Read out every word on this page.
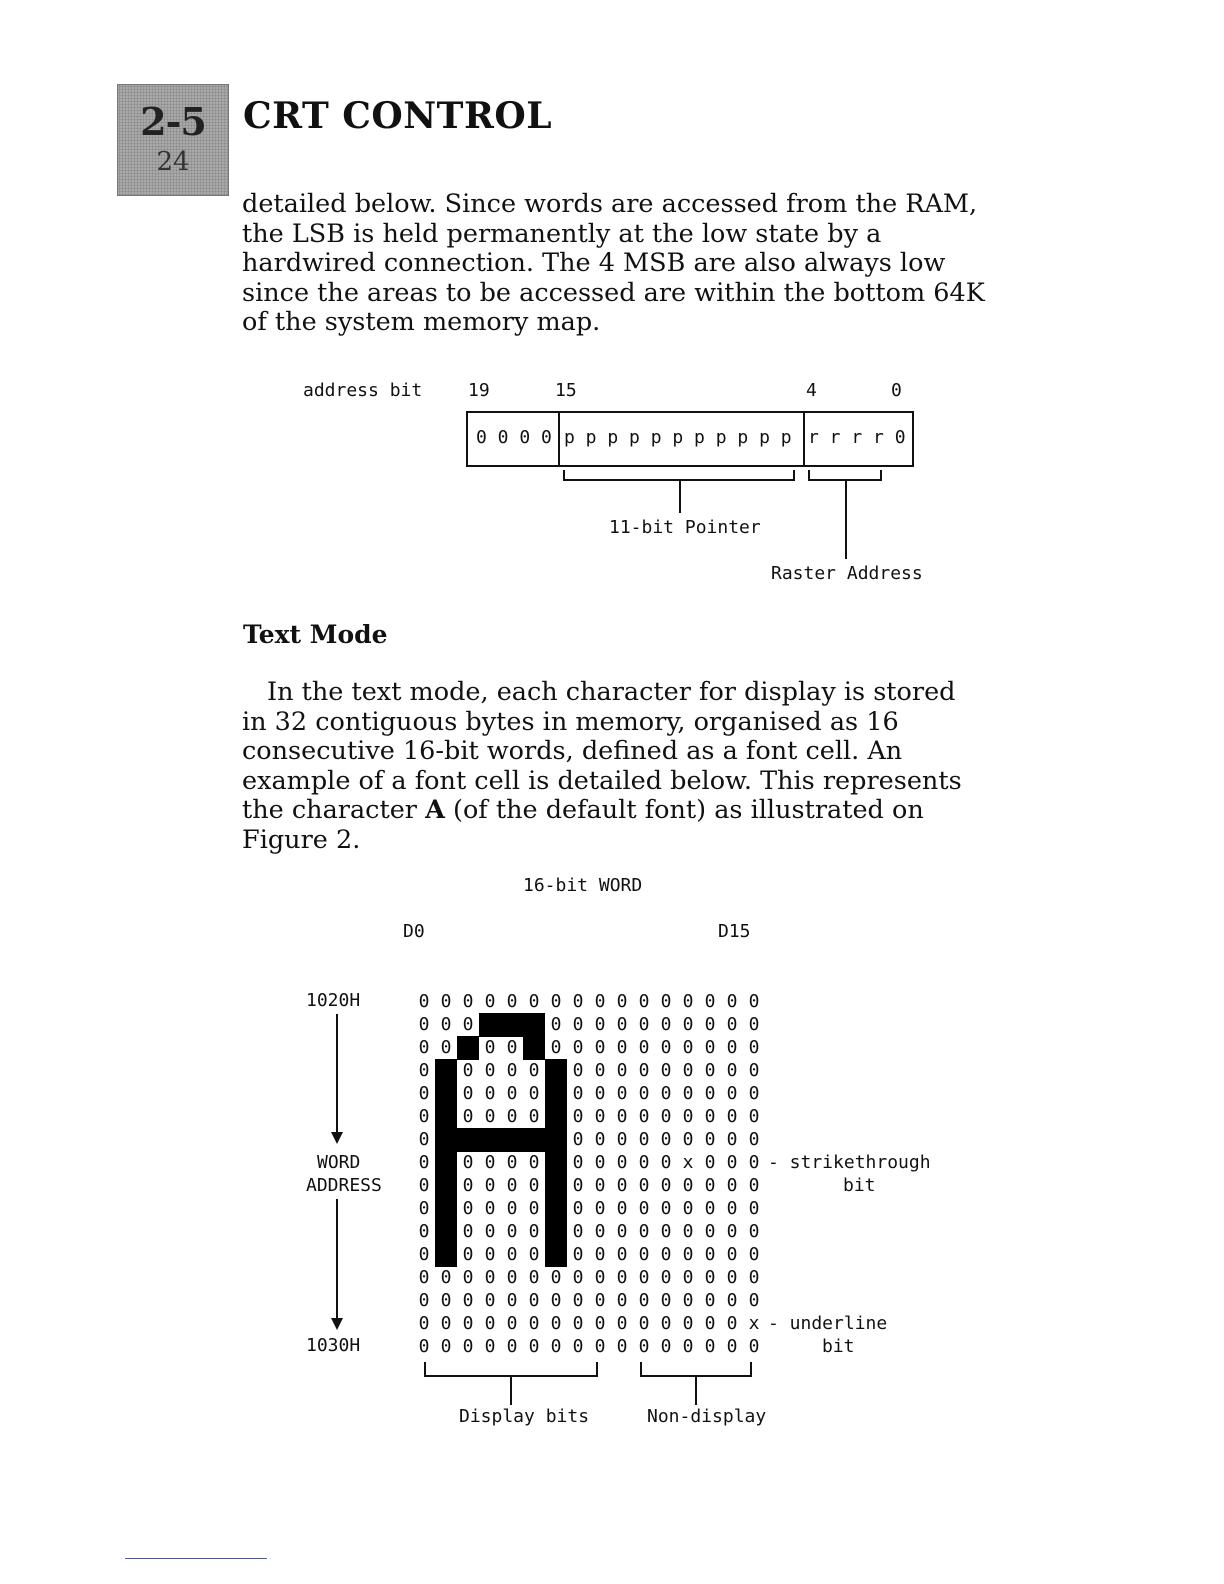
2-5
24
CRT CONTROL

detailed below. Since words are accessed from the RAM, the LSB is held permanently at the low state by a hardwired connection. The 4 MSB are also always low since the areas to be accessed are within the bottom 64K of the system memory map.

address bit	19	15	4	0
0 0 0 0 p p p p p p p p p p p r r r r 0
11-bit Pointer
Raster Address
Text Mode

In the text mode, each character for display is stored in 32 contiguous bytes in memory, organised as 16 consecutive 16-bit words, defined as a font cell. An example of a font cell is detailed below. This represents the character A (of the default font) as illustrated on Figure 2.

16-bit WORD
D0	D15
1020H
1030H
WORD
ADDRESS
0 0 0 0 0 0 0 0 0 0 0 0 0 0 0 0
0 0 0	0 0 0 0 0 0 0 0 0 0
0 0	0 0	0 0 0 0 0 0 0 0 0 0
0	0 0 0 0	0 0 0 0 0 0 0 0 0
0	0 0 0 0	0 0 0 0 0 0 0 0 0
0	0 0 0 0	0 0 0 0 0 0 0 0 0
0	0 0 0 0 0 0 0 0 0
0	0 0 0 0	0 0 0 0 0 x 0 0 0
0	0 0 0 0	0 0 0 0 0 0 0 0 0
0	0 0 0 0	0 0 0 0 0 0 0 0 0
0	0 0 0 0	0 0 0 0 0 0 0 0 0
0	0 0 0 0	0 0 0 0 0 0 0 0 0
0 0 0 0 0 0 0 0 0 0 0 0 0 0 0 0
0 0 0 0 0 0 0 0 0 0 0 0 0 0 0 0
0 0 0 0 0 0 0 0 0 0 0 0 0 0 0 x
0 0 0 0 0 0 0 0 0 0 0 0 0 0 0 0
- strikethrough
bit
- underline
bit
Display bits	Non-display
